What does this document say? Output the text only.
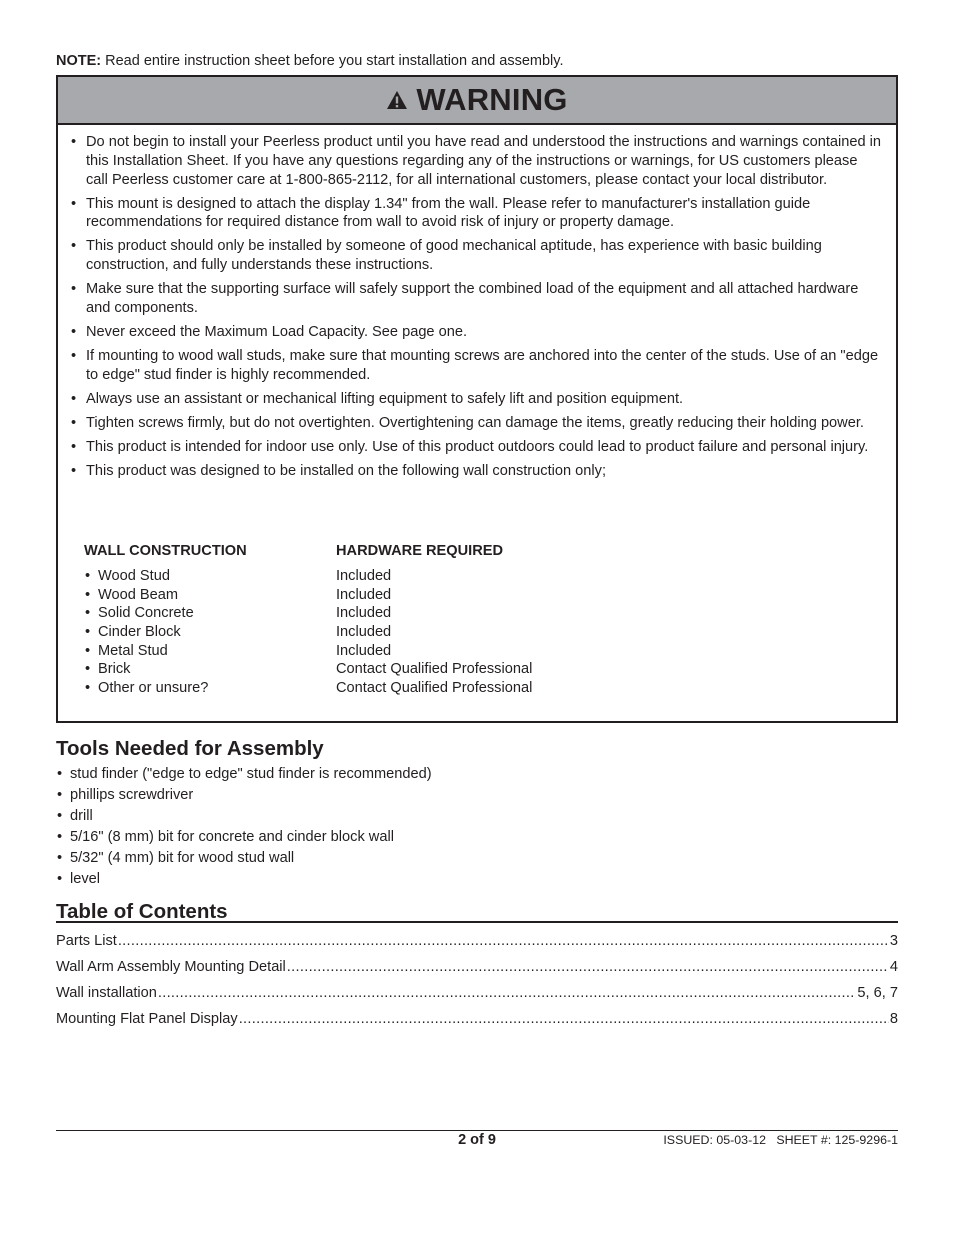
NOTE: Read entire instruction sheet before you start installation and assembly.
WARNING
• Do not begin to install your Peerless product until you have read and understood the instructions and warnings contained in this Installation Sheet. If you have any questions regarding any of the instructions or warnings, for US customers please call Peerless customer care at 1-800-865-2112, for all international customers, please contact your local distributor.
• This mount is designed to attach the display 1.34" from the wall. Please refer to manufacturer's installation guide recommendations for required distance from wall to avoid risk of injury or property damage.
• This product should only be installed by someone of good mechanical aptitude, has experience with basic building construction, and fully understands these instructions.
• Make sure that the supporting surface will safely support the combined load of the equipment and all attached hardware and components.
• Never exceed the Maximum Load Capacity. See page one.
• If mounting to wood wall studs, make sure that mounting screws are anchored into the center of the studs. Use of an "edge to edge" stud finder is highly recommended.
• Always use an assistant or mechanical lifting equipment to safely lift and position equipment.
• Tighten screws firmly, but do not overtighten. Overtightening can damage the items, greatly reducing their holding power.
• This product is intended for indoor use only. Use of this product outdoors could lead to product failure and personal injury.
• This product was designed to be installed on the following wall construction only;
WALL CONSTRUCTION	HARDWARE REQUIRED
• Wood Stud	Included
• Wood Beam	Included
• Solid Concrete	Included
• Cinder Block	Included
• Metal Stud	Included
• Brick	Contact Qualified Professional
• Other or unsure?	Contact Qualified Professional
Tools Needed for Assembly
• stud finder ("edge to edge" stud finder is recommended)
• phillips screwdriver
• drill
• 5/16" (8 mm) bit for concrete and cinder block wall
• 5/32" (4 mm) bit for wood stud wall
• level
Table of Contents
Parts List .....	3
Wall Arm Assembly Mounting Detail .....	4
Wall installation .....	5, 6, 7
Mounting Flat Panel Display .....	8
2 of 9	ISSUED: 05-03-12 SHEET #: 125-9296-1
